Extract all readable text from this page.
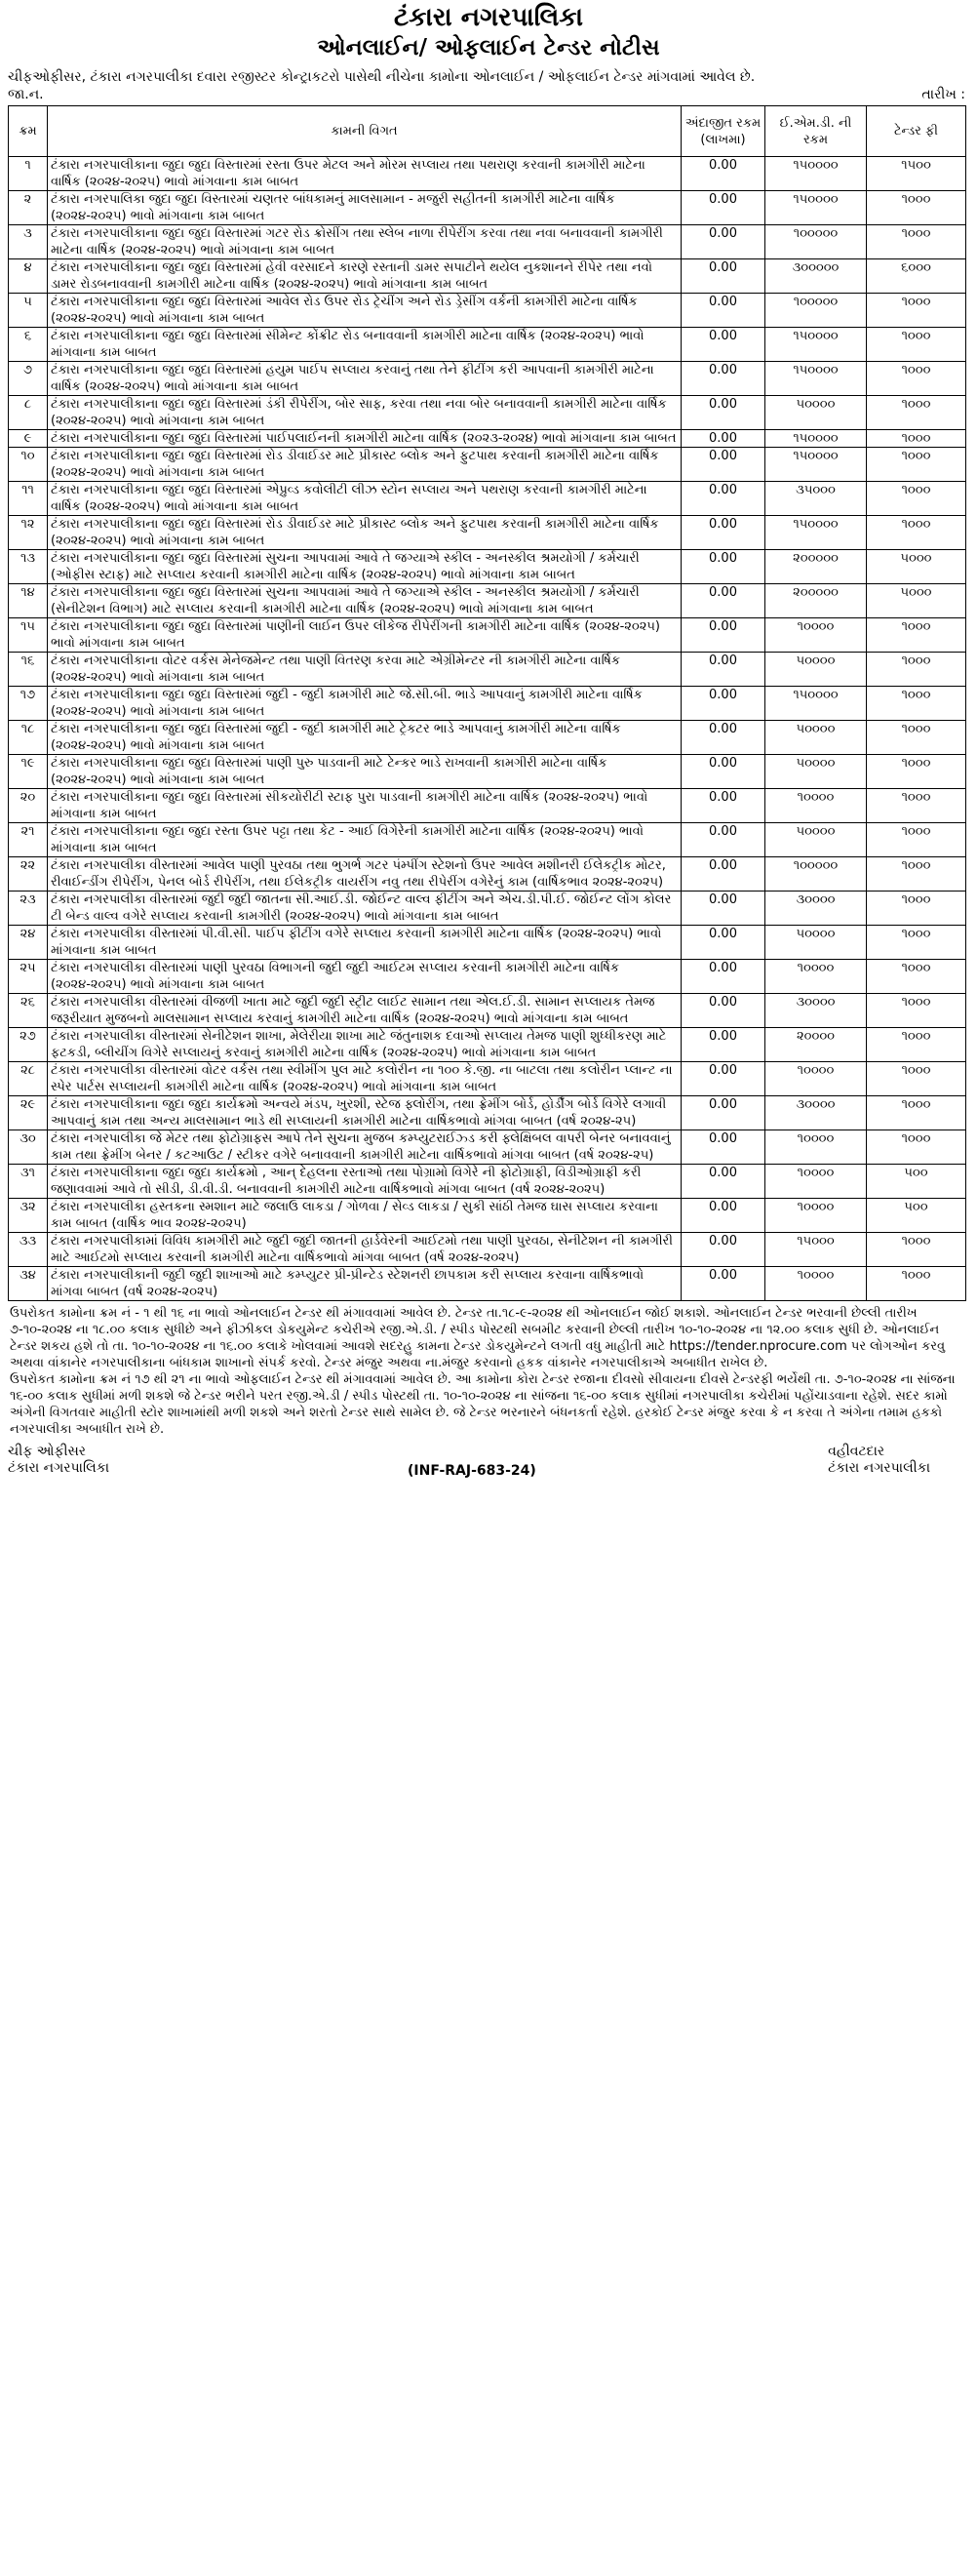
ટંકારા નગરપાલિકા
ઓનલાઈન/ ઓફલાઈન ટેન્ડર નોટીસ
ચીફઓફીસર, ટંકારા નગરપાલીકા દવારા રજીસ્ટર કોન્ટ્રાકટરો પાસેથી નીચેના કામોના ઓનલાઈન / ઓફલાઈન ટેન્ડર માંગવામાં આવેલ છે.
જા.ન.	તારીખ :
ક્રમ	કામની વિગત	અંદાજીત રકમ (લાખમા)	ઈ.એમ.ડી. ની રકમ	ટેન્ડર ફી
૧	ટંકારા નગરપાલીકાના જુદા જુદા વિસ્તારમાં રસ્તા ઉપર મેટલ અને મોરમ સપ્લાય તથા પથરાણ કરવાની કામગીરી માટેના વાર્ષિક (૨૦૨૪-૨૦૨૫) ભાવો માંગવાના કામ બાબત	0.00	૧૫૦૦૦૦	૧૫૦૦
૨	ટંકારા નગરપાલિકા જુદા જુદા વિસ્તારમાં ચણતર બાંધકામનું માલસામાન - મજુરી સહીતની કામગીરી માટેના વાર્ષિક (૨૦૨૪-૨૦૨૫) ભાવો માંગવાના કામ બાબત	0.00	૧૫૦૦૦૦	૧૦૦૦
૩	ટંકારા નગરપાલીકાના જુદા જુદા વિસ્તારમાં ગટર રોડ ક્રોસીંગ તથા સ્લેબ નાળા રીપેરીંગ કરવા તથા નવા બનાવવાની કામગીરી માટેના વાર્ષિક (૨૦૨૪-૨૦૨૫) ભાવો માંગવાના કામ બાબત	0.00	૧૦૦૦૦૦	૧૦૦૦
૪	ટંકારા નગરપાલીકાના જુદા જુદા વિસ્તારમાં હેવી વરસાદને કારણે રસ્તાની ડામર સપાટીને થયેલ નુકશાનને રીપેર તથા નવો ડામર રોડબનાવવાની કામગીરી માટેના વાર્ષિક (૨૦૨૪-૨૦૨૫) ભાવો માંગવાના કામ બાબત	0.00	૩૦૦૦૦૦	૬૦૦૦
૫	ટંકારા નગરપાલીકાના જુદા જુદા વિસ્તારમાં આવેલ રોડ ઉપર રોડ ટ્રેચીંગ અને રોડ ડ્રેસીંગ વર્કની કામગીરી માટેના વાર્ષિક (૨૦૨૪-૨૦૨૫) ભાવો માંગવાના કામ બાબત	0.00	૧૦૦૦૦૦	૧૦૦૦
૬	ટંકારા નગરપાલીકાના જુદા જુદા વિસ્તારમાં સીમેન્ટ કોંક્રીટ રોડ બનાવવાની કામગીરી માટેના વાર્ષિક (૨૦૨૪-૨૦૨૫) ભાવો માંગવાના કામ બાબત	0.00	૧૫૦૦૦૦	૧૦૦૦
૭	ટંકારા નગરપાલીકાના જુદા જુદા વિસ્તારમાં હયુમ પાઈપ સપ્લાય કરવાનું તથા તેને ફીટીંગ કરી આપવાની કામગીરી માટેના વાર્ષિક (૨૦૨૪-૨૦૨૫) ભાવો માંગવાના કામ બાબત	0.00	૧૫૦૦૦૦	૧૦૦૦
૮	ટંકારા નગરપાલીકાના જુદા જુદા વિસ્તારમાં ડંકી રીપેરીંગ, બોર સાફ, કરવા તથા નવા બોર બનાવવાની કામગીરી માટેના વાર્ષિક (૨૦૨૪-૨૦૨૫) ભાવો માંગવાના કામ બાબત	0.00	૫૦૦૦૦	૧૦૦૦
૯	ટંકારા નગરપાલીકાના જુદા જુદા વિસ્તારમાં પાઈપલાઈનની કામગીરી માટેના વાર્ષિક (૨૦૨૩-૨૦૨૪) ભાવો માંગવાના કામ બાબત	0.00	૧૫૦૦૦૦	૧૦૦૦
૧૦	ટંકારા નગરપાલીકાના જુદા જુદા વિસ્તારમાં રોડ ડીવાઈડર માટે પ્રીકાસ્ટ બ્લોક અને ફુટપાથ કરવાની કામગીરી માટેના વાર્ષિક (૨૦૨૪-૨૦૨૫) ભાવો માંગવાના કામ બાબત	0.00	૧૫૦૦૦૦	૧૦૦૦
૧૧	ટંકારા નગરપાલીકાના જુદા જુદા વિસ્તારમાં એપ્રુવ્ડ કવોલીટી લીઝ સ્ટોન સપ્લાય અને પથરાણ કરવાની કામગીરી માટેના વાર્ષિક (૨૦૨૪-૨૦૨૫) ભાવો માંગવાના કામ બાબત	0.00	૩૫૦૦૦	૧૦૦૦
૧૨	ટંકારા નગરપાલીકાના જુદા જુદા વિસ્તારમાં રોડ ડીવાઈડર માટે પ્રીકાસ્ટ બ્લોક અને ફુટપાથ કરવાની કામગીરી માટેના વાર્ષિક (૨૦૨૪-૨૦૨૫) ભાવો માંગવાના કામ બાબત	0.00	૧૫૦૦૦૦	૧૦૦૦
૧૩	ટંકારા નગરપાલીકાના જુદા જુદા વિસ્તારમાં સુચના આપવામાં આવે તે જગ્યાએ સ્કીલ - અનસ્કીલ શ્રમયોગી / કર્મચારી (ઓફીસ સ્ટાફ) માટે સપ્લાય કરવાની કામગીરી માટેના વાર્ષિક (૨૦૨૪-૨૦૨૫) ભાવો માંગવાના કામ બાબત	0.00	૨૦૦૦૦૦	૫૦૦૦
૧૪	ટંકારા નગરપાલીકાના જુદા જુદા વિસ્તારમાં સુચના આપવામાં આવે તે જગ્યાએ સ્કીલ - અનસ્કીલ શ્રમયોગી / કર્મચારી (સેનીટેશન વિભાગ) માટે સપ્લાય કરવાની કામગીરી માટેના વાર્ષિક (૨૦૨૪-૨૦૨૫) ભાવો માંગવાના કામ બાબત	0.00	૨૦૦૦૦૦	૫૦૦૦
૧૫	ટંકારા નગરપાલીકાના જુદા જુદા વિસ્તારમાં પાણીની લાઈન ઉપર લીકેજ રીપેરીંગની કામગીરી માટેના વાર્ષિક (૨૦૨૪-૨૦૨૫) ભાવો માંગવાના કામ બાબત	0.00	૧૦૦૦૦	૧૦૦૦
૧૬	ટંકારા નગરપાલીકાના વોટર વર્કસ મેનેજમેન્ટ તથા પાણી વિતરણ કરવા માટે એગ્રીમેન્ટર ની કામગીરી માટેના વાર્ષિક (૨૦૨૪-૨૦૨૫) ભાવો માંગવાના કામ બાબત	0.00	૫૦૦૦૦	૧૦૦૦
૧૭	ટંકારા નગરપાલીકાના જુદા જુદા વિસ્તારમાં જુદી - જુદી કામગીરી માટે જે.સી.બી. ભાડે આપવાનું કામગીરી માટેના વાર્ષિક (૨૦૨૪-૨૦૨૫) ભાવો માંગવાના કામ બાબત	0.00	૧૫૦૦૦૦	૧૦૦૦
૧૮	ટંકારા નગરપાલીકાના જુદા જુદા વિસ્તારમાં જુદી - જુદી કામગીરી માટે ટ્રેકટર ભાડે આપવાનું કામગીરી માટેના વાર્ષિક (૨૦૨૪-૨૦૨૫) ભાવો માંગવાના કામ બાબત	0.00	૫૦૦૦૦	૧૦૦૦
૧૯	ટંકારા નગરપાલીકાના જુદા જુદા વિસ્તારમાં પાણી પુરુ પાડવાની માટે ટેન્કર ભાડે રાખવાની કામગીરી માટેના વાર્ષિક (૨૦૨૪-૨૦૨૫) ભાવો માંગવાના કામ બાબત	0.00	૫૦૦૦૦	૧૦૦૦
૨૦	ટંકારા નગરપાલીકાના જુદા જુદા વિસ્તારમાં સીકયોરીટી સ્ટાફ પુરા પાડવાની કામગીરી માટેના વાર્ષિક (૨૦૨૪-૨૦૨૫) ભાવો માંગવાના કામ બાબત	0.00	૧૦૦૦૦	૧૦૦૦
૨૧	ટંકારા નગરપાલીકાના જુદા જુદા રસ્તા ઉપર પટ્ટા તથા કેટ - આઈ વિગેરેની કામગીરી માટેના વાર્ષિક (૨૦૨૪-૨૦૨૫) ભાવો માંગવાના કામ બાબત	0.00	૫૦૦૦૦	૧૦૦૦
૨૨	ટંકારા નગરપાલીકા વીસ્તારમાં આવેલ પાણી પુરવઠા તથા ભુગર્ભ ગટર પંમ્પીંગ સ્ટેશનો ઉપર આવેલ મશીનરી ઈલેકટ્રીક મોટર, રીવાઈન્ડીંગ રીપેરીંગ, પેનલ બોર્ડ રીપેરીંગ, તથા ઈલેકટ્રીક વાયરીંગ નવુ તથા રીપેરીંગ વગેરેનું કામ (વાર્ષિકભાવ ૨૦૨૪-૨૦૨૫)	0.00	૧૦૦૦૦૦	૧૦૦૦
૨૩	ટંકારા નગરપાલીકા વીસ્તારમાં જુદી જુદી જાતના સી.આઈ.ડી. જોઈન્ટ વાલ્વ ફીટીંગ અને એચ.ડી.પી.ઈ. જોઈન્ટ લોંગ કોલર ટી બેન્ડ વાલ્વ વગેરે સપ્લાય કરવાની કામગીરી (૨૦૨૪-૨૦૨૫) ભાવો માંગવાના કામ બાબત	0.00	૩૦૦૦૦	૧૦૦૦
૨૪	ટંકારા નગરપાલીકા વીસ્તારમાં પી.વી.સી. પાઈપ ફીટીંગ વગેરે સપ્લાય કરવાની કામગીરી માટેના વાર્ષિક (૨૦૨૪-૨૦૨૫) ભાવો માંગવાના કામ બાબત	0.00	૫૦૦૦૦	૧૦૦૦
૨૫	ટંકારા નગરપાલીકા વીસ્તારમાં પાણી પુરવઠા વિભાગની જુદી જુદી આઈટમ સપ્લાય કરવાની કામગીરી માટેના વાર્ષિક (૨૦૨૪-૨૦૨૫) ભાવો માંગવાના કામ બાબત	0.00	૧૦૦૦૦	૧૦૦૦
૨૬	ટંકારા નગરપાલીકા વીસ્તારમાં વીજળી ખાતા માટે જુદી જુદી સ્ટ્રીટ લાઈટ સામાન તથા એલ.ઈ.ડી. સામાન સપ્લાયક તેમજ જરૂરીયાત મુજબનો માલસામાન સપ્લાય કરવાનું કામગીરી માટેના વાર્ષિક (૨૦૨૪-૨૦૨૫) ભાવો માંગવાના કામ બાબત	0.00	૩૦૦૦૦	૧૦૦૦
૨૭	ટંકારા નગરપાલીકા વીસ્તારમાં સેનીટેશન શાખા, મેલેરીયા શાખા માટે જંતુનાશક દવાઓ સપ્લાય તેમજ પાણી શુધ્ધીકરણ માટે ફટકડી, બ્લીચીંગ વિગેરે સપ્લાયનું કરવાનું કામગીરી માટેના વાર્ષિક (૨૦૨૪-૨૦૨૫) ભાવો માંગવાના કામ બાબત	0.00	૨૦૦૦૦	૧૦૦૦
૨૮	ટંકારા નગરપાલીકા વીસ્તારમાં વોટર વર્કસ તથા સ્વીમીંગ પુલ માટે કલોરીન ના ૧૦૦ કે.જી. ના બાટલા તથા કલોરીન પ્લાન્ટ ના સ્પેર પાર્ટસ સપ્લાયની કામગીરી માટેના વાર્ષિક (૨૦૨૪-૨૦૨૫) ભાવો માંગવાના કામ બાબત	0.00	૧૦૦૦૦	૧૦૦૦
૨૯	ટંકારા નગરપાલીકાના જુદા જુદા કાર્યક્રમો અન્વયે મંડપ, ખુરશી, સ્ટેજ ફ્લોરીંગ, તથા ફ્રેમીંગ બોર્ડ, હોર્ડીંગ બોર્ડ વિગેરે લગાવી આપવાનું કામ તથા અન્ય માલસામાન ભાડે થી સપ્લાયની કામગીરી માટેના વાર્ષિકભાવો માંગવા બાબત (વર્ષ ૨૦૨૪-૨૫)	0.00	૩૦૦૦૦	૧૦૦૦
૩૦	ટંકારા નગરપાલીકા જે મેટર તથા ફોટોગ્રાફસ આપે તેને સુચના મુજબ કમ્પ્યુટરાઈઝ્ડ કરી ફ્લેક્ષિબલ વાપરી બેનર બનાવવાનું કામ તથા ફ્રેમીંગ બેનર / કટઆઉટ / સ્ટીકર વગેરે બનાવવાની કામગીરી માટેના વાર્ષિકભાવો માંગવા બાબત (વર્ષ ૨૦૨૪-૨૫)	0.00	૧૦૦૦૦	૧૦૦૦
૩૧	ટંકારા નગરપાલીકાના જુદા જુદા કાર્યક્રમો , આન્ દેહલના રસ્તાઓ તથા પોગ્રામો વિગેરે ની ફોટોગ્રાફી, વિડીઓગ્રાફી કરી જણાવવામાં આવે તો સીડી, ડી.વી.ડી. બનાવવાની કામગીરી માટેના વાર્ષિકભાવો માંગવા બાબત (વર્ષ ૨૦૨૪-૨૦૨૫)	0.00	૧૦૦૦૦	૫૦૦
૩૨	ટંકારા નગરપાલીકા હસ્તકના સ્મશાન માટે જલાઉ લાકડા / ગોળવા / સેવ્ડ લાકડા / સુકી સાંઠી તેમજ ઘાસ સપ્લાય કરવાના કામ બાબત (વાર્ષિક ભાવ ૨૦૨૪-૨૦૨૫)	0.00	૧૦૦૦૦	૫૦૦
૩૩	ટંકારા નગરપાલીકામાં વિવિધ કામગીરી માટે જુદી જુદી જાતની હાર્ડવેરની આઈટમો તથા પાણી પુરવઠા, સેનીટેશન ની કામગીરી માટે આઈટમો સપ્લાય કરવાની કામગીરી માટેના વાર્ષિકભાવો માંગવા બાબત (વર્ષ ૨૦૨૪-૨૦૨૫)	0.00	૧૫૦૦૦	૧૦૦૦
૩૪	ટંકારા નગરપાલીકાની જુદી જુદી શાખાઓ માટે કમ્પ્યુટર પ્રી-પ્રીન્ટેડ સ્ટેશનરી છાપકામ કરી સપ્લાય કરવાના વાર્ષિકભાવો માંગવા બાબત (વર્ષ ૨૦૨૪-૨૦૨૫)	0.00	૧૦૦૦૦	૧૦૦૦
ઉપરોકત કામોના ક્રમ નં - ૧ થી ૧૬ ના ભાવો ઓનલાઈન ટેન્ડર થી મંગાવવામાં આવેલ છે. ટેન્ડર તા.૧૮-૯-૨૦૨૪ થી ઓનલાઈન જોઈ શકાશે. ઓનલાઈન ટેન્ડર ભરવાની છેલ્લી તારીખ ૭-૧૦-૨૦૨૪ ના ૧૮.૦૦ કલાક સુધીછે અને ફીઝીકલ ડોકયુમેન્ટ કચેરીએ રજી.એ.ડી. / સ્પીડ પોસ્ટથી સબમીટ કરવાની છેલ્લી તારીખ ૧૦-૧૦-૨૦૨૪ ના ૧૨.૦૦ કલાક સુધી છે. ઓનલાઈન ટેન્ડર શકય હશે તો તા. ૧૦-૧૦-૨૦૨૪ ના ૧૬.૦૦ કલાકે ખોલવામાં આવશે સદરહુ કામના ટેન્ડર ડોકયુમેન્ટને લગતી વધુ માહીતી માટે https://tender.nprocure.com પર લોગઓન કરવુ અથવા વાંકાનેર નગરપાલીકાના બાંધકામ શાખાનો સંપર્ક કરવો. ટેન્ડર મંજુર અથવા ના.મંજુર કરવાનો હકક વાંકાનેર નગરપાલીકાએ અબાધીત રાખેલ છે.
ઉપરોકત કામોના ક્રમ નં ૧૭ થી ૨૧ ના ભાવો ઓફલાઈન ટેન્ડર થી મંગાવવામાં આવેલ છે. આ કામોના કોરા ટેન્ડર રજાના દીવસો સીવાયના દીવસે ટેન્ડરફી ભર્યેથી તા. ૭-૧૦-૨૦૨૪ ના સાંજના ૧૬-૦૦ કલાક સુધીમાં મળી શકશે જે ટેન્ડર ભરીને પરત રજી.એ.ડી / સ્પીડ પોસ્ટથી તા. ૧૦-૧૦-૨૦૨૪ ના સાંજના ૧૬-૦૦ કલાક સુધીમાં નગરપાલીકા કચેરીમાં પહોંચાડવાના રહેશે. સદર કામો અંગેની વિગતવાર માહીતી સ્ટોર શાખામાંથી મળી શકશે અને શરતો ટેન્ડર સાથે સામેલ છે. જે ટેન્ડર ભરનારને બંધનકર્તા રહેશે. હરકોઈ ટેન્ડર મંજુર કરવા કે ન કરવા તે અંગેના તમામ હકકો નગરપાલીકા અબાધીત રાખે છે.
ચીફ ઓફીસર
ટંકારા નગરપાલિકા	(INF-RAJ-683-24)
વહીવટદાર
ટંકારા નગરપાલીકા
